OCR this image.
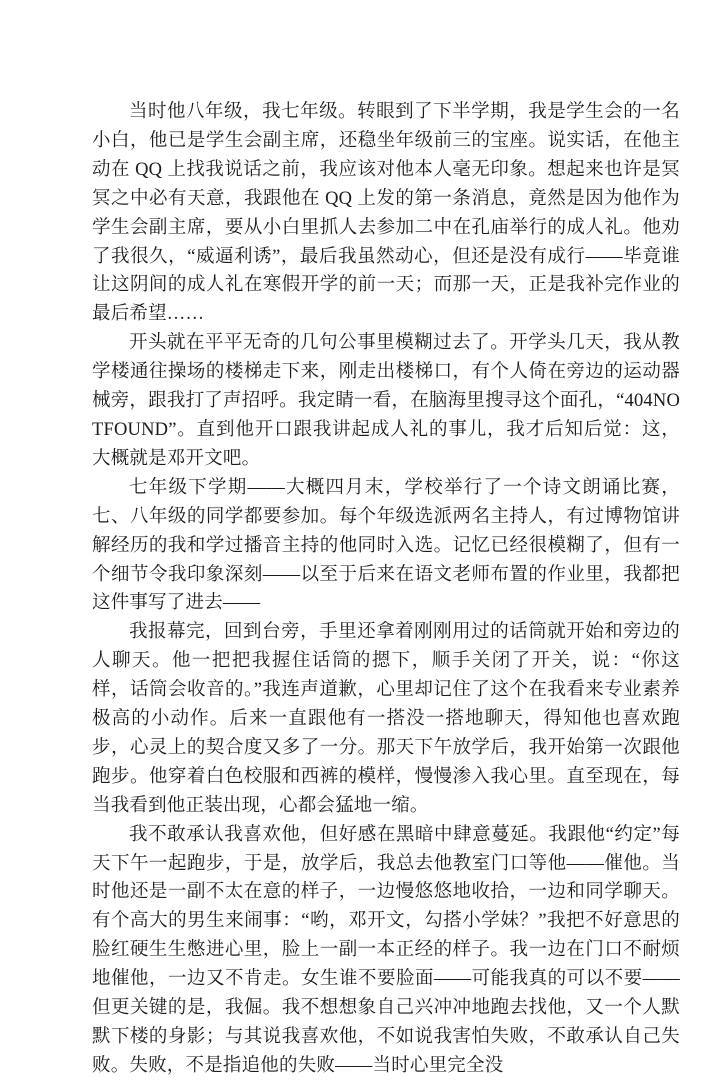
当时他八年级，我七年级。转眼到了下半学期，我是学生会的一名小白，他已是学生会副主席，还稳坐年级前三的宝座。说实话，在他主动在 QQ 上找我说话之前，我应该对他本人毫无印象。想起来也许是冥冥之中必有天意，我跟他在 QQ 上发的第一条消息，竟然是因为他作为学生会副主席，要从小白里抓人去参加二中在孔庙举行的成人礼。他劝了我很久，“威逼利诱”，最后我虽然动心，但还是没有成行——毕竟谁让这阴间的成人礼在寒假开学的前一天；而那一天，正是我补完作业的最后希望……

开头就在平平无奇的几句公事里模糊过去了。开学头几天，我从教学楼通往操场的楼梯走下来，刚走出楼梯口，有个人倚在旁边的运动器械旁，跟我打了声招呼。我定睛一看，在脑海里搜寻这个面孔，“404NOTFOUND”。直到他开口跟我讲起成人礼的事儿，我才后知后觉：这，大概就是邓开文吧。

七年级下学期——大概四月末，学校举行了一个诗文朗诵比赛，七、八年级的同学都要参加。每个年级选派两名主持人，有过博物馆讲解经历的我和学过播音主持的他同时入选。记忆已经很模糊了，但有一个细节令我印象深刻——以至于后来在语文老师布置的作业里，我都把这件事写了进去——

我报幕完，回到台旁，手里还拿着刚刚用过的话筒就开始和旁边的人聊天。他一把把我握住话筒的摁下，顺手关闭了开关，说：“你这样，话筒会收音的。”我连声道歉，心里却记住了这个在我看来专业素养极高的小动作。后来一直跟他有一搭没一搭地聊天，得知他也喜欢跑步，心灵上的契合度又多了一分。那天下午放学后，我开始第一次跟他跑步。他穿着白色校服和西裤的模样，慢慢渗入我心里。直至现在，每当我看到他正装出现，心都会猛地一缩。

我不敢承认我喜欢他，但好感在黑暗中肆意蔓延。我跟他“约定”每天下午一起跑步，于是，放学后，我总去他教室门口等他——催他。当时他还是一副不太在意的样子，一边慢悠悠地收拾，一边和同学聊天。有个高大的男生来闹事：“哟，邓开文，勾搭小学妹？”我把不好意思的脸红硬生生憋进心里，脸上一副一本正经的样子。我一边在门口不耐烦地催他，一边又不肯走。女生谁不要脸面——可能我真的可以不要——但更关键的是，我倔。我不想想象自己兴冲冲地跑去找他，又一个人默默下楼的身影；与其说我喜欢他，不如说我害怕失败，不敢承认自己失败。失败，不是指追他的失败——当时心里完全没
